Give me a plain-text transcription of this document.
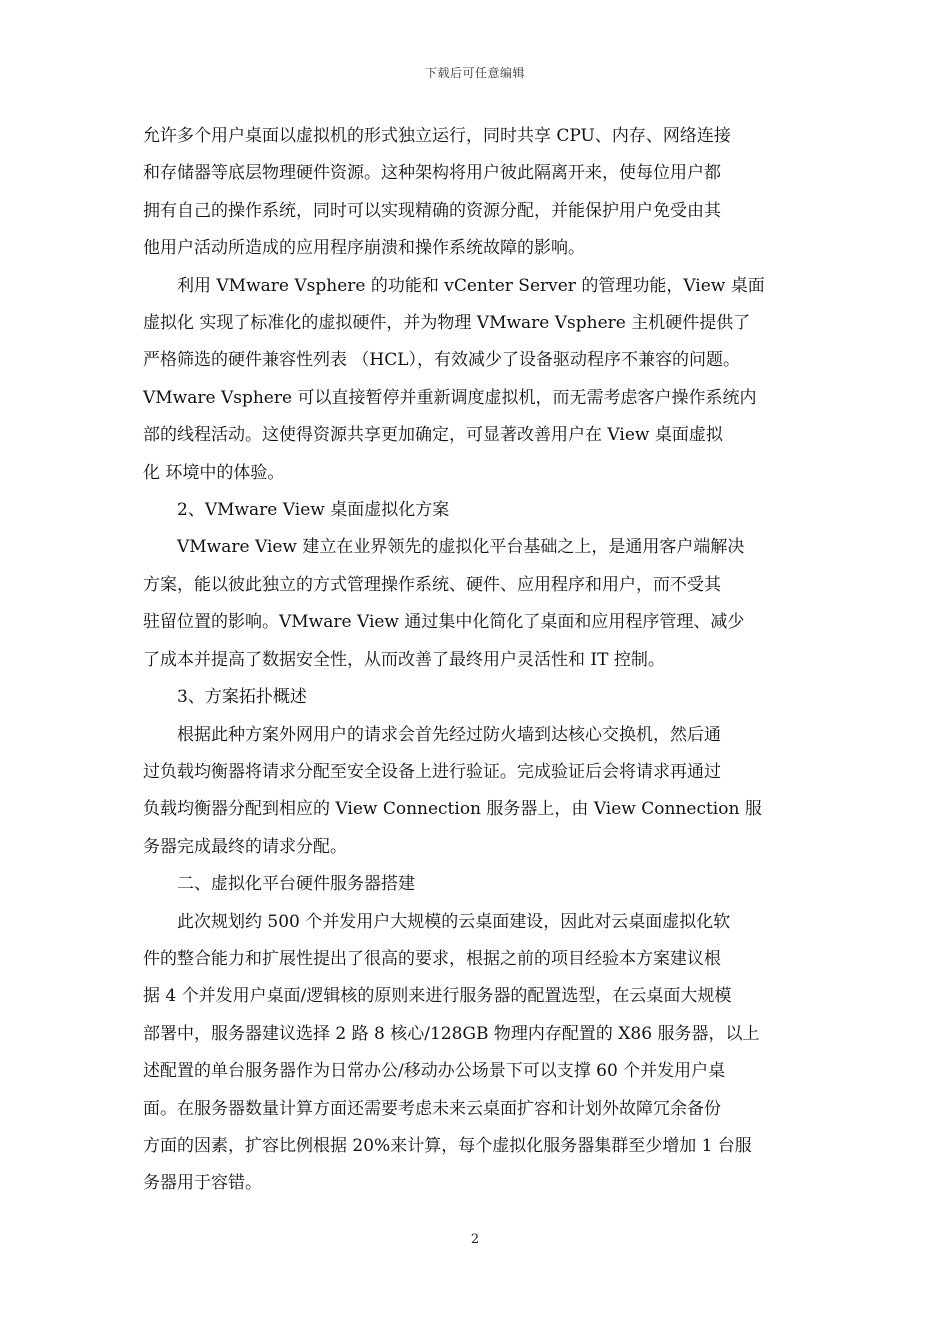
下载后可任意编辑
允许多个用户桌面以虚拟机的形式独立运行，同时共享 CPU、内存、网络连接
和存储器等底层物理硬件资源。这种架构将用户彼此隔离开来，使每位用户都
拥有自己的操作系统，同时可以实现精确的资源分配，并能保护用户免受由其
他用户活动所造成的应用程序崩溃和操作系统故障的影响。
利用 VMware Vsphere 的功能和 vCenter Server 的管理功能，View 桌面
虚拟化 实现了标准化的虚拟硬件，并为物理 VMware Vsphere 主机硬件提供了
严格筛选的硬件兼容性列表 （HCL），有效减少了设备驱动程序不兼容的问题。
VMware Vsphere 可以直接暂停并重新调度虚拟机，而无需考虑客户操作系统内
部的线程活动。这使得资源共享更加确定，可显著改善用户在 View 桌面虚拟
化 环境中的体验。
2、VMware View 桌面虚拟化方案
VMware View 建立在业界领先的虚拟化平台基础之上，是通用客户端解决
方案，能以彼此独立的方式管理操作系统、硬件、应用程序和用户，而不受其
驻留位置的影响。VMware View 通过集中化简化了桌面和应用程序管理、减少
了成本并提高了数据安全性，从而改善了最终用户灵活性和 IT 控制。
3、方案拓扑概述
根据此种方案外网用户的请求会首先经过防火墙到达核心交换机，然后通
过负载均衡器将请求分配至安全设备上进行验证。完成验证后会将请求再通过
负载均衡器分配到相应的 View Connection 服务器上，由 View Connection 服
务器完成最终的请求分配。
二、虚拟化平台硬件服务器搭建
此次规划约 500 个并发用户大规模的云桌面建设，因此对云桌面虚拟化软
件的整合能力和扩展性提出了很高的要求，根据之前的项目经验本方案建议根
据 4 个并发用户桌面/逻辑核的原则来进行服务器的配置选型，在云桌面大规模
部署中，服务器建议选择 2 路 8 核心/128GB 物理内存配置的 X86 服务器，以上
述配置的单台服务器作为日常办公/移动办公场景下可以支撑 60 个并发用户桌
面。在服务器数量计算方面还需要考虑未来云桌面扩容和计划外故障冗余备份
方面的因素，扩容比例根据 20%来计算，每个虚拟化服务器集群至少增加 1 台服
务器用于容错。
2
